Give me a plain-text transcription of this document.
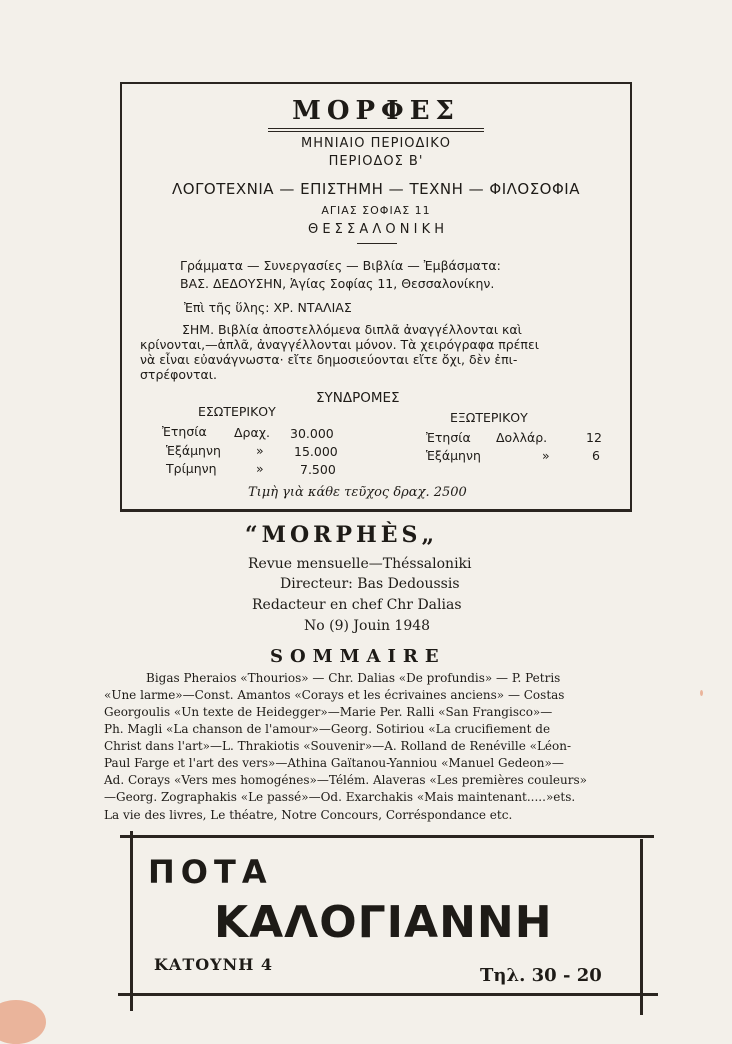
ΜΟΡΦΕΣ
ΜΗΝΙΑΙΟ ΠΕΡΙΟΔΙΚΟ
ΠΕΡΙΟΔΟΣ Β'
ΛΟΓΟΤΕΧΝΙΑ — ΕΠΙΣΤΗΜΗ — ΤΕΧΝΗ — ΦΙΛΟΣΟΦΙΑ
ΑΓΙΑΣ ΣΟΦΙΑΣ 11
Θ Ε Σ Σ Α Λ Ο Ν Ι Κ Η
Γράμματα — Συνεργασίες — Βιβλία — Ἐμβάσματα:
ΒΑΣ. ΔΕΔΟΥΣΗΝ, Ἁγίας Σοφίας 11, Θεσσαλονίκην.
Ἐπὶ τῆς ὕλης: ΧΡ. ΝΤΑΛΙΑΣ
ΣΗΜ. Βιβλία ἀποστελλόμενα διπλᾶ ἀναγγέλλονται καὶ
κρίνονται,—ἁπλᾶ, ἀναγγέλλονται μόνον. Τὰ χειρόγραφα πρέπει
νὰ εἶναι εὐανάγνωστα· εἴτε δημοσιεύονται εἴτε ὄχι, δὲν ἐπι-
στρέφονται.
ΣΥΝΔΡΟΜΕΣ
ΕΣΩΤΕΡΙΚΟΥ	ΕΞΩΤΕΡΙΚΟΥ
Ἐτησία Δραχ. 30.000
Ἑξάμηνη	» 15.000
Τρίμηνη	»	7.500
Ἐτησία Δολλάρ.	12
Ἑξάμηνη	»	6
Τιμὴ γιὰ κάθε τεῦχος δραχ. 2500
“MORPHÈS„
Revue mensuelle—Théssaloniki
Directeur: Bas Dedoussis
Redacteur en chef Chr Dalias
No (9) Jouin 1948
SOMMAIRE
Bigas Pheraios «Thourios» — Chr. Dalias «De profundis» — P. Petris
«Une larme»—Const. Amantos «Corays et les écrivaines anciens» — Costas
Georgoulis «Un texte de Heidegger»—Marie Per. Ralli «San Frangisco»—
Ph. Magli «La chanson de l'amour»—Georg. Sotiriou «La crucifiement de
Christ dans l'art»—L. Thrakiotis «Souvenir»—A. Rolland de Renéville «Léon-
Paul Farge et l'art des vers»—Athina Gaïtanou-Yanniou «Manuel Gedeon»—
Ad. Corays «Vers mes homogénes»—Télém. Alaveras «Les premières couleurs»
—Georg. Zographakis «Le passé»—Od. Exarchakis «Mais maintenant.....»ets.
La vie des livres, Le théatre, Notre Concours, Corréspondance etc.
ΠΟΤΑ
ΚΑΛΟΓΙΑΝΝΗ
ΚΑΤΟΥΝΗ 4
Τηλ. 30 - 20
